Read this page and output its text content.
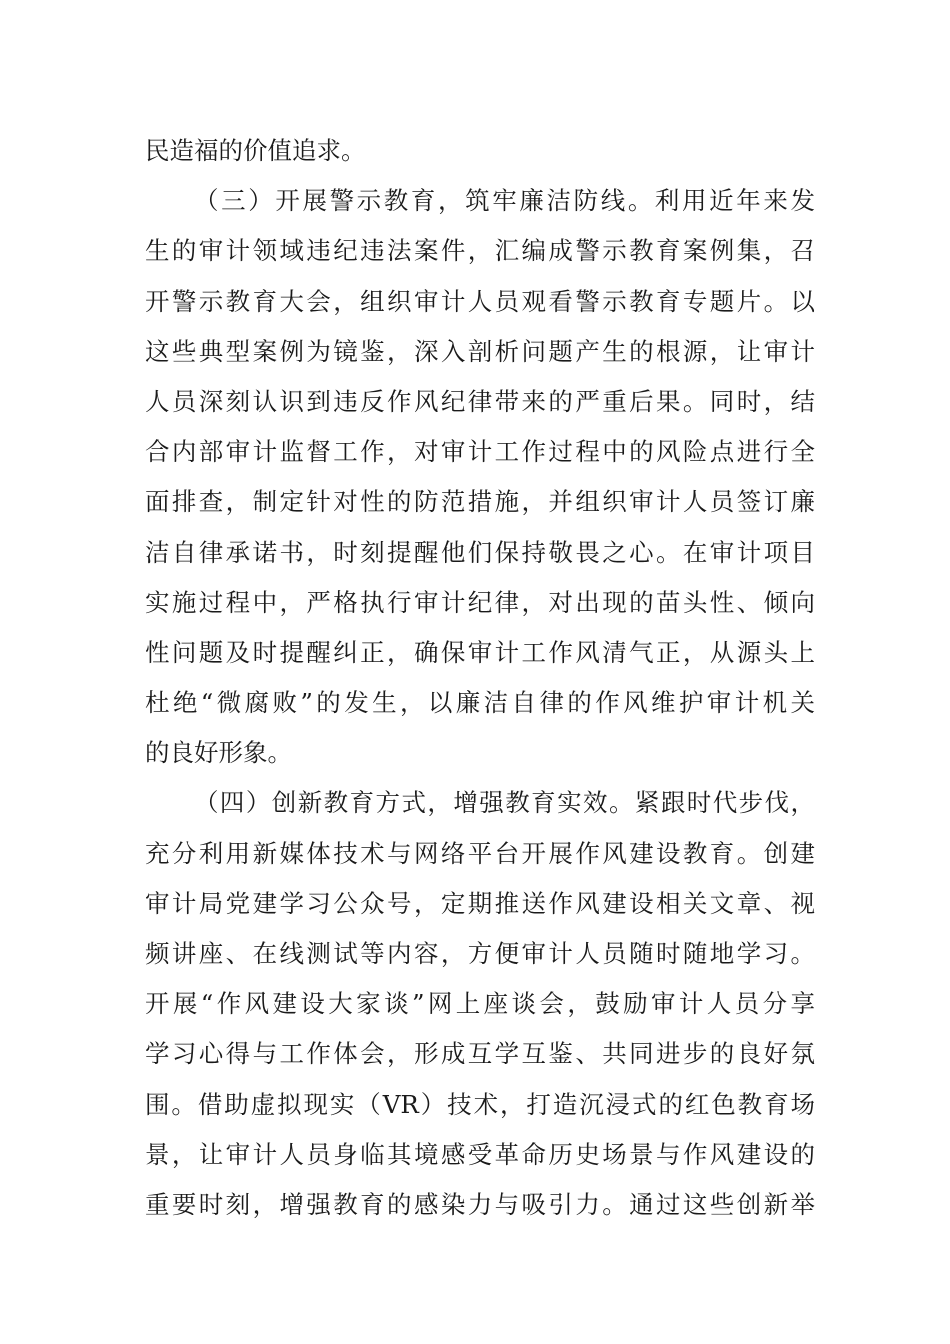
民造福的价值追求。
（三）开展警示教育，筑牢廉洁防线。利用近年来发
生的审计领域违纪违法案件，汇编成警示教育案例集，召
开警示教育大会，组织审计人员观看警示教育专题片。以
这些典型案例为镜鉴，深入剖析问题产生的根源，让审计
人员深刻认识到违反作风纪律带来的严重后果。同时，结
合内部审计监督工作，对审计工作过程中的风险点进行全
面排查，制定针对性的防范措施，并组织审计人员签订廉
洁自律承诺书，时刻提醒他们保持敬畏之心。在审计项目
实施过程中，严格执行审计纪律，对出现的苗头性、倾向
性问题及时提醒纠正，确保审计工作风清气正，从源头上
杜绝“微腐败”的发生，以廉洁自律的作风维护审计机关
的良好形象。
（四）创新教育方式，增强教育实效。紧跟时代步伐，
充分利用新媒体技术与网络平台开展作风建设教育。创建
审计局党建学习公众号，定期推送作风建设相关文章、视
频讲座、在线测试等内容，方便审计人员随时随地学习。
开展“作风建设大家谈”网上座谈会，鼓励审计人员分享
学习心得与工作体会，形成互学互鉴、共同进步的良好氛
围。借助虚拟现实（VR）技术，打造沉浸式的红色教育场
景，让审计人员身临其境感受革命历史场景与作风建设的
重要时刻，增强教育的感染力与吸引力。通过这些创新举
